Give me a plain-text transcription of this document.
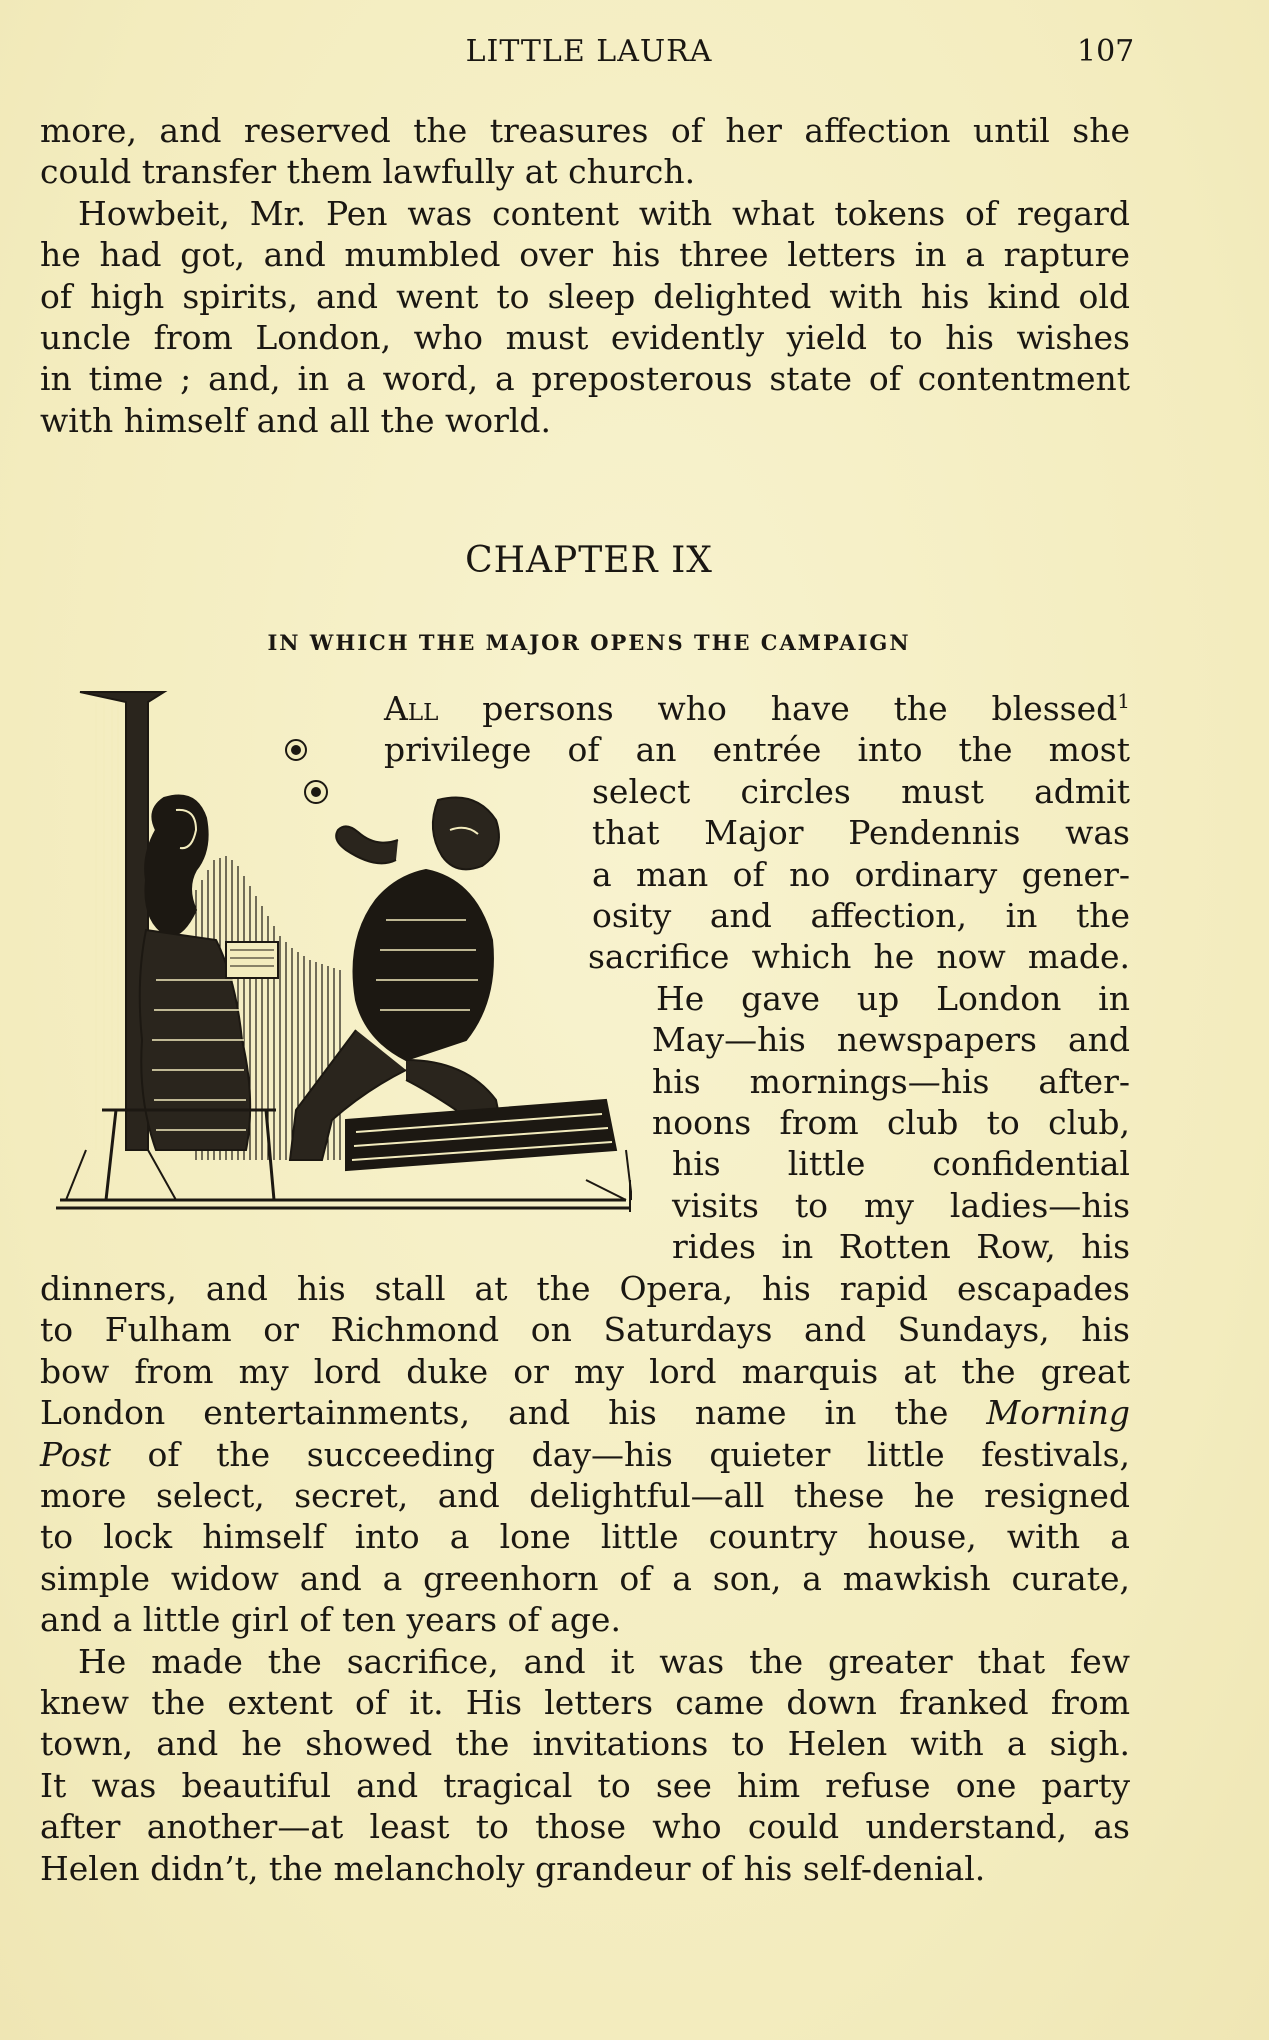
LITTLE LAURA	107
more, and reserved the treasures of her affection until she
could transfer them lawfully at church.
Howbeit, Mr. Pen was content with what tokens of regard
he had got, and mumbled over his three letters in a rapture
of high spirits, and went to sleep delighted with his kind old
uncle from London, who must evidently yield to his wishes
in time ; and, in a word, a preposterous state of contentment
with himself and all the world.
CHAPTER IX
IN WHICH THE MAJOR OPENS THE CAMPAIGN
All persons who have the blessed$^1$
privilege of an entrée into the most
select circles must admit
that Major Pendennis was
a man of no ordinary gener-
osity and affection, in the
sacrifice which he now made.
He gave up London in
May—his newspapers and
his mornings—his after-
noons from club to club,
his little confidential
visits to my ladies—his
rides in Rotten Row, his
dinners, and his stall at the Opera, his rapid escapades
to Fulham or Richmond on Saturdays and Sundays, his
bow from my lord duke or my lord marquis at the great
London entertainments, and his name in the Morning
Post of the succeeding day—his quieter little festivals,
more select, secret, and delightful—all these he resigned
to lock himself into a lone little country house, with a
simple widow and a greenhorn of a son, a mawkish curate,
and a little girl of ten years of age.
He made the sacrifice, and it was the greater that few
knew the extent of it. His letters came down franked from
town, and he showed the invitations to Helen with a sigh.
It was beautiful and tragical to see him refuse one party
after another—at least to those who could understand, as
Helen didn’t, the melancholy grandeur of his self-denial.
